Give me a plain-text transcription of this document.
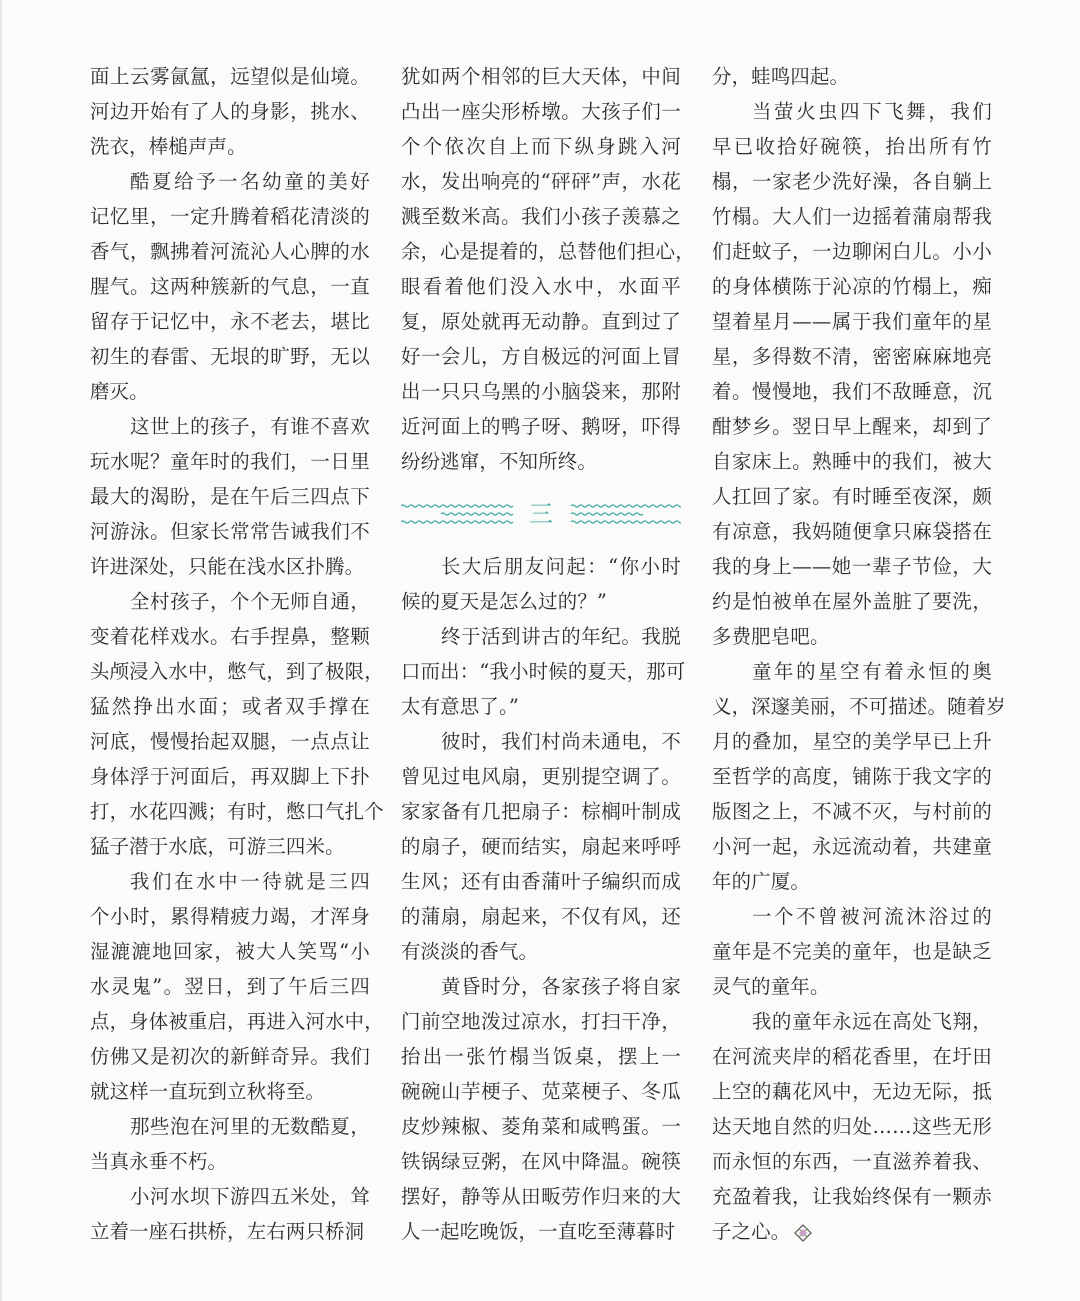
面上云雾氤氲，远望似是仙境。
河边开始有了人的身影，挑水、
洗衣，棒槌声声。
酷夏给予一名幼童的美好
记忆里，一定升腾着稻花清淡的
香气，飘拂着河流沁人心脾的水
腥气。这两种簇新的气息，一直
留存于记忆中，永不老去，堪比
初生的春雷、无垠的旷野，无以
磨灭。
这世上的孩子，有谁不喜欢
玩水呢？童年时的我们，一日里
最大的渴盼，是在午后三四点下
河游泳。但家长常常告诫我们不
许进深处，只能在浅水区扑腾。
全村孩子，个个无师自通，
变着花样戏水。右手捏鼻，整颗
头颅浸入水中，憋气，到了极限，
猛然挣出水面；或者双手撑在
河底，慢慢抬起双腿，一点点让
身体浮于河面后，再双脚上下扑
打，水花四溅；有时，憋口气扎个
猛子潜于水底，可游三四米。
我们在水中一待就是三四
个小时，累得精疲力竭，才浑身
湿漉漉地回家，被大人笑骂“小
水灵鬼”。翌日，到了午后三四
点，身体被重启，再进入河水中，
仿佛又是初次的新鲜奇异。我们
就这样一直玩到立秋将至。
那些泡在河里的无数酷夏，
当真永垂不朽。
小河水坝下游四五米处，耸
立着一座石拱桥，左右两只桥洞
犹如两个相邻的巨大天体，中间
凸出一座尖形桥墩。大孩子们一
个个依次自上而下纵身跳入河
水，发出响亮的“砰砰”声，水花
溅至数米高。我们小孩子羡慕之
余，心是提着的，总替他们担心，
眼看着他们没入水中，水面平
复，原处就再无动静。直到过了
好一会儿，方自极远的河面上冒
出一只只乌黑的小脑袋来，那附
近河面上的鸭子呀、鹅呀，吓得
纷纷逃窜，不知所终。
三
长大后朋友问起：“你小时
候的夏天是怎么过的？”
终于活到讲古的年纪。我脱
口而出：“我小时候的夏天，那可
太有意思了。”
彼时，我们村尚未通电，不
曾见过电风扇，更别提空调了。
家家备有几把扇子：棕榈叶制成
的扇子，硬而结实，扇起来呼呼
生风；还有由香蒲叶子编织而成
的蒲扇，扇起来，不仅有风，还
有淡淡的香气。
黄昏时分，各家孩子将自家
门前空地泼过凉水，打扫干净，
抬出一张竹榻当饭桌，摆上一
碗碗山芋梗子、苋菜梗子、冬瓜
皮炒辣椒、菱角菜和咸鸭蛋。一
铁锅绿豆粥，在风中降温。碗筷
摆好，静等从田畈劳作归来的大
人一起吃晚饭，一直吃至薄暮时
分，蛙鸣四起。
当萤火虫四下飞舞，我们
早已收拾好碗筷，抬出所有竹
榻，一家老少洗好澡，各自躺上
竹榻。大人们一边摇着蒲扇帮我
们赶蚊子，一边聊闲白儿。小小
的身体横陈于沁凉的竹榻上，痴
望着星月——属于我们童年的星
星，多得数不清，密密麻麻地亮
着。慢慢地，我们不敌睡意，沉
酣梦乡。翌日早上醒来，却到了
自家床上。熟睡中的我们，被大
人扛回了家。有时睡至夜深，颇
有凉意，我妈随便拿只麻袋搭在
我的身上——她一辈子节俭，大
约是怕被单在屋外盖脏了要洗，
多费肥皂吧。
童年的星空有着永恒的奥
义，深邃美丽，不可描述。随着岁
月的叠加，星空的美学早已上升
至哲学的高度，铺陈于我文字的
版图之上，不减不灭，与村前的
小河一起，永远流动着，共建童
年的广厦。
一个不曾被河流沐浴过的
童年是不完美的童年，也是缺乏
灵气的童年。
我的童年永远在高处飞翔，
在河流夹岸的稻花香里，在圩田
上空的藕花风中，无边无际，抵
达天地自然的归处……这些无形
而永恒的东西，一直滋养着我、
充盈着我，让我始终保有一颗赤
子之心。
